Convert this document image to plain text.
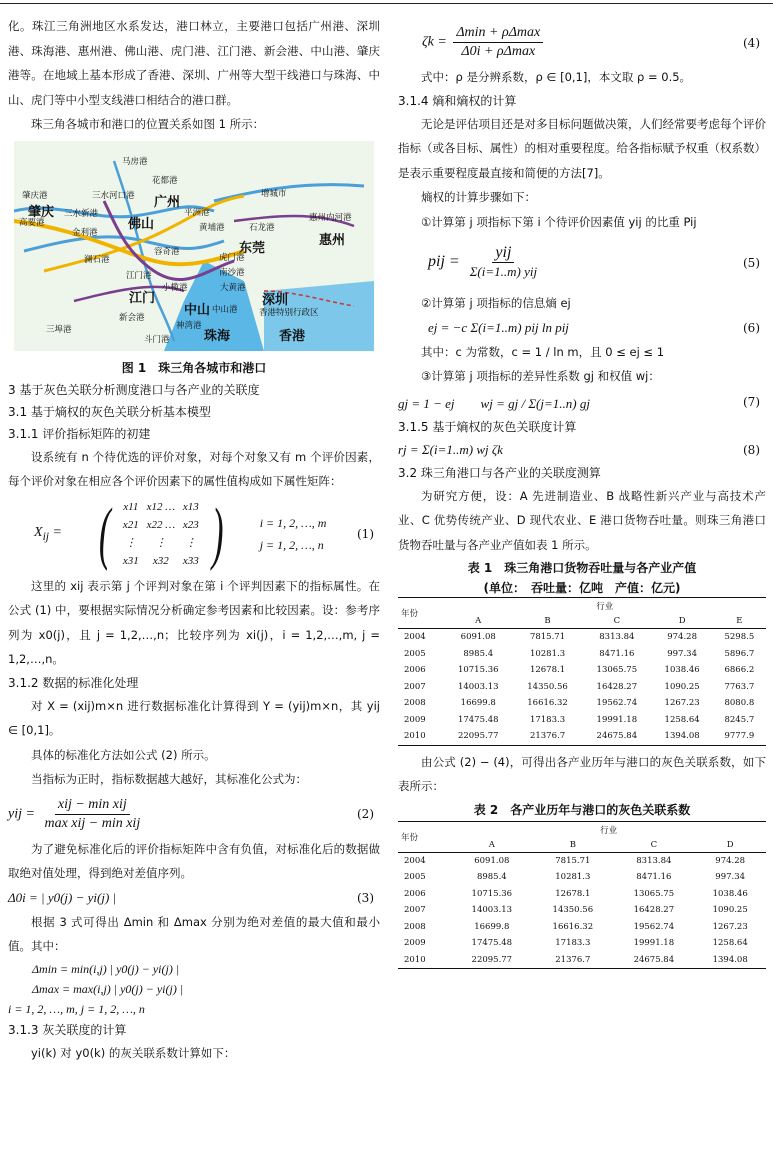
化。珠江三角洲地区水系发达，港口林立，主要港口包括广州港、深圳港、珠海港、惠州港、佛山港、虎门港、江门港、新会港、中山港、肇庆港等。在地域上基本形成了香港、深圳、广州等大型干线港口与珠海、中山、虎门等中小型支线港口相结合的港口群。

珠三角各城市和港口的位置关系如图 1 所示：

马房港
花都港
增城市
肇庆港	三水河口港 广州
高要港
三水新港
金利港
佛山
平洲港
黄埔港	石龙港
东莞
惠州内河港
惠州
肇庆
澜石港
容奇港
虎门港
南沙港
江门港
小榄港	大黄港
江门
中山 中山港
深圳
新会港
神湾港
香港特别行政区
珠海	香港
三埠港
斗门港
图 1　珠三角各城市和港口

3 基于灰色关联分析测度港口与各产业的关联度

3.1 基于熵权的灰色关联分析基本模型

3.1.1 评价指标矩阵的初建

设系统有 n 个待优选的评价对象，对每个对象又有 m 个评价因素，每个评价对象在相应各个评价因素下的属性值构成如下属性矩阵：

$X_{ij}$ = (	x11 x12 … x13
x21 x22 … x23
⋮	⋮	⋮
x31	x32	x33 )	i = 1, 2, …, m
j = 1, 2, …, n
(1)

这里的 xij 表示第 j 个评判对象在第 i 个评判因素下的指标属性。在公式 (1) 中，要根据实际情况分析确定参考因素和比较因素。设：参考序列为 x0(j)，且 j = 1,2,…,n；比较序列为 xi(j)，i = 1,2,…,m, j = 1,2,…,n。

3.1.2 数据的标准化处理

对 X = (xij)m×n 进行数据标准化计算得到 Y = (yij)m×n，其 yij ∈ [0,1]。

具体的标准化方法如公式 (2) 所示。

当指标为正时，指标数据越大越好，其标准化公式为：

yij = $\frac{\text{xij − min xij}}{\text{max xij − min xij}}$	(2)

为了避免标准化后的评价指标矩阵中含有负值，对标准化后的数据做取绝对值处理，得到绝对差值序列。

Δ0i = | y0(j) − yi(j) |	(3)

根据 3 式可得出 Δmin 和 Δmax 分别为绝对差值的最大值和最小值。其中：

Δmin = min(i,j) | y0(j) − yi(j) |

Δmax = max(i,j) | y0(j) − yi(j) |

i = 1, 2, …, m, j = 1, 2, …, n

3.1.3 灰关联度的计算

yi(k) 对 y0(k) 的灰关联系数计算如下：

$\zeta k = \frac{\Delta\min + \rho\Delta\max}{\Delta 0i + \rho\Delta\max}$	(4)

式中：ρ 是分辨系数，ρ ∈ [0,1]，本文取 ρ = 0.5。

3.1.4 熵和熵权的计算

无论是评估项目还是对多目标问题做决策，人们经常要考虑每个评价指标（或各目标、属性）的相对重要程度。给各指标赋予权重（权系数）是表示重要程度最直接和简便的方法[7]。

熵权的计算步骤如下：

①计算第 j 项指标下第 i 个待评价因素值 yij 的比重 Pij

pij = $\frac{\text{yij}}{\text{Σ(i=1..m) yij}}$	(5)

②计算第 j 项指标的信息熵 ej

ej = −c Σ(i=1..m) pij ln pij	(6)

其中：c 为常数，c = 1 / ln m，且 0 ≤ ej ≤ 1

③计算第 j 项指标的差异性系数 gj 和权值 wj：

gj = 1 − ej　　wj = gj / Σ(j=1..n) gj	(7)

3.1.5 基于熵权的灰色关联度计算

rj = Σ(i=1..m) wj ζk	(8)

3.2 珠三角港口与各产业的关联度测算

为研究方便，设：A 先进制造业、B 战略性新兴产业与高技术产业、C 优势传统产业、D 现代农业、E 港口货物吞吐量。则珠三角港口货物吞吐量与各产业产值如表 1 所示。

表 1　珠三角港口货物吞吐量与各产业产值
(单位：　吞吐量：亿吨　产值：亿元)
年份	行业				
	A	B	C	D	E
2004	6091.08	7815.71	8313.84	974.28	5298.5
2005	8985.4	10281.3	8471.16	997.34	5896.7
2006	10715.36	12678.1	13065.75	1038.46	6866.2
2007	14003.13	14350.56	16428.27	1090.25	7763.7
2008	16699.8	16616.32	19562.74	1267.23	8080.8
2009	17475.48	17183.3	19991.18	1258.64	8245.7
2010	22095.77	21376.7	24675.84	1394.08	9777.9

由公式 (2) − (4)，可得出各产业历年与港口的灰色关联系数，如下表所示：

表 2　各产业历年与港口的灰色关联系数
年份	行业			
	A	B	C	D
2004	6091.08	7815.71	8313.84	974.28
2005	8985.4	10281.3	8471.16	997.34
2006	10715.36	12678.1	13065.75	1038.46
2007	14003.13	14350.56	16428.27	1090.25
2008	16699.8	16616.32	19562.74	1267.23
2009	17475.48	17183.3	19991.18	1258.64
2010	22095.77	21376.7	24675.84	1394.08
